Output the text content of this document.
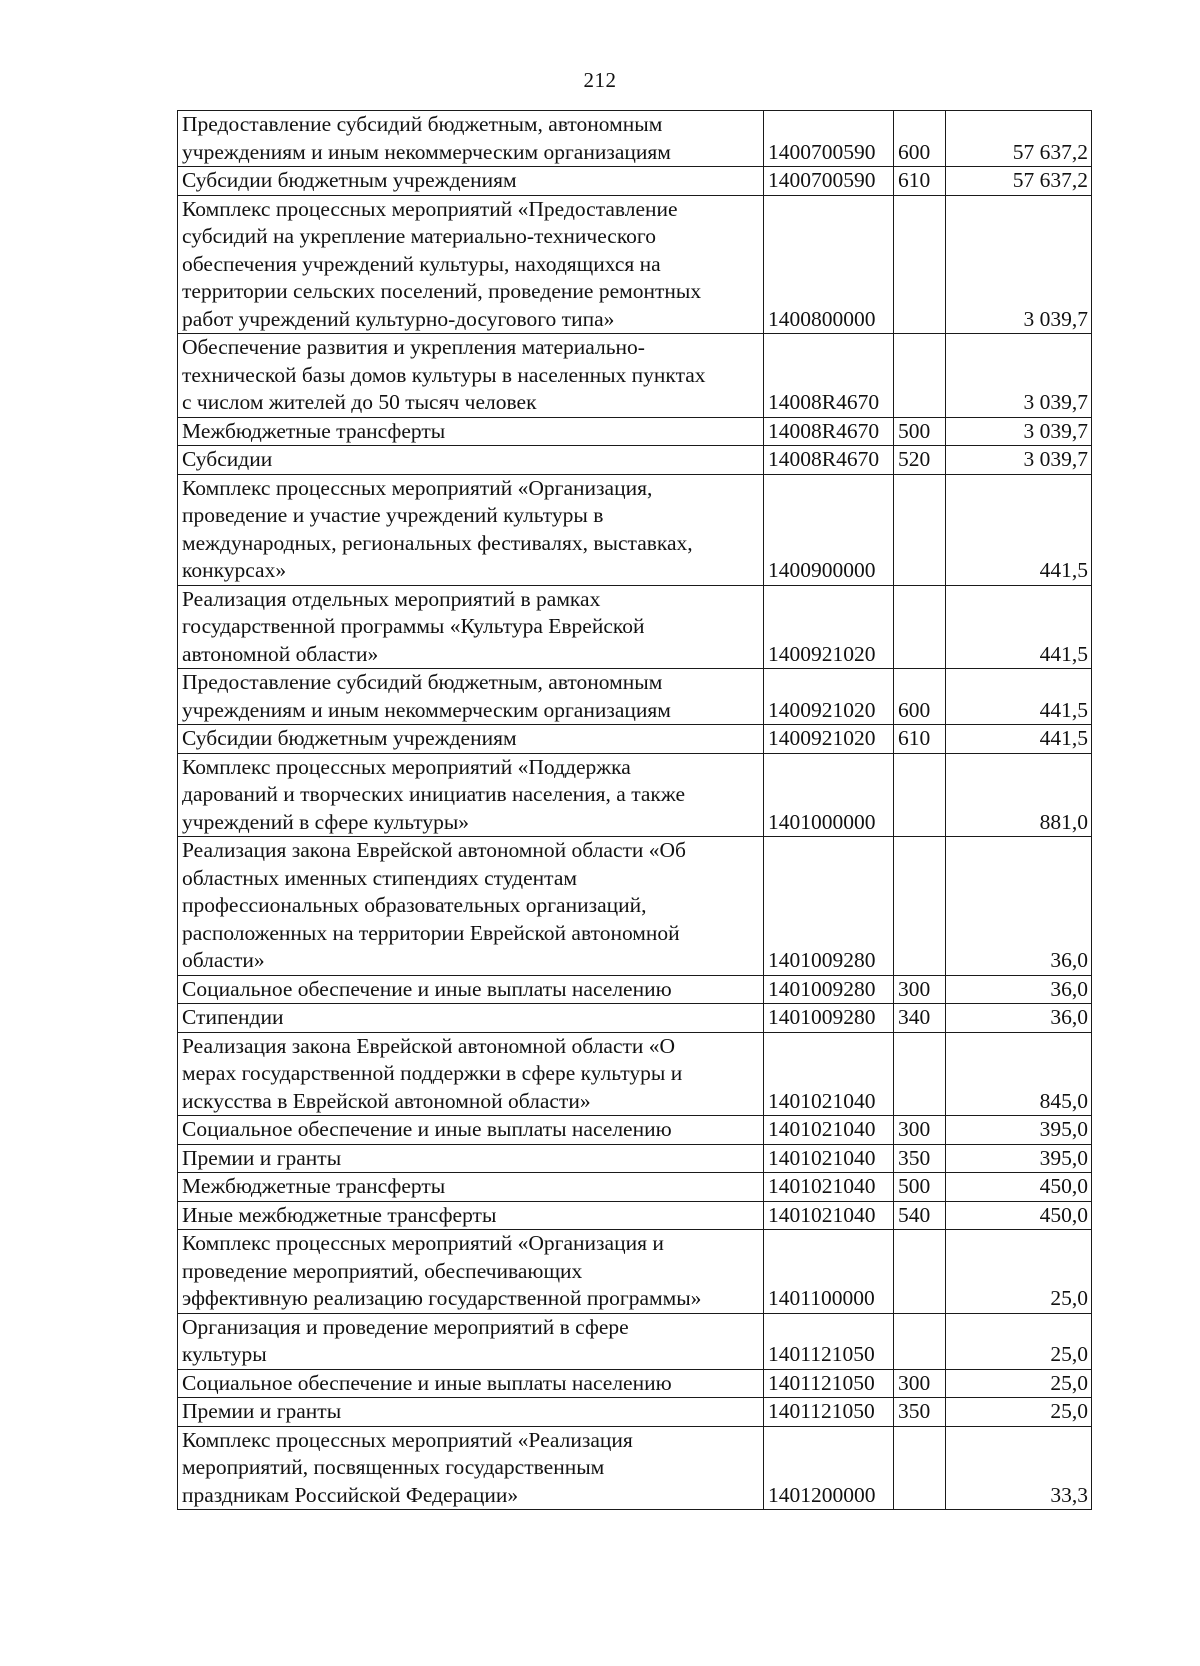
212
Предоставление субсидий бюджетным, автономным
учреждениям и иным некоммерческим организациям	1400700590	600	57 637,2
Субсидии бюджетным учреждениям	1400700590	610	57 637,2
Комплекс процессных мероприятий «Предоставление
субсидий на укрепление материально-технического
обеспечения учреждений культуры, находящихся на
территории сельских поселений, проведение ремонтных
работ учреждений культурно-досугового типа»	1400800000		3 039,7
Обеспечение развития и укрепления материально-
технической базы домов культуры в населенных пунктах
с числом жителей до 50 тысяч человек	14008R4670		3 039,7
Межбюджетные трансферты	14008R4670	500	3 039,7
Субсидии	14008R4670	520	3 039,7
Комплекс процессных мероприятий «Организация,
проведение и участие учреждений культуры в
международных, региональных фестивалях, выставках,
конкурсах»	1400900000		441,5
Реализация отдельных мероприятий в рамках
государственной программы «Культура Еврейской
автономной области»	1400921020		441,5
Предоставление субсидий бюджетным, автономным
учреждениям и иным некоммерческим организациям	1400921020	600	441,5
Субсидии бюджетным учреждениям	1400921020	610	441,5
Комплекс процессных мероприятий «Поддержка
дарований и творческих инициатив населения, а также
учреждений в сфере культуры»	1401000000		881,0
Реализация закона Еврейской автономной области «Об
областных именных стипендиях студентам
профессиональных образовательных организаций,
расположенных на территории Еврейской автономной
области»	1401009280		36,0
Социальное обеспечение и иные выплаты населению	1401009280	300	36,0
Стипендии	1401009280	340	36,0
Реализация закона Еврейской автономной области «О
мерах государственной поддержки в сфере культуры и
искусства в Еврейской автономной области»	1401021040		845,0
Социальное обеспечение и иные выплаты населению	1401021040	300	395,0
Премии и гранты	1401021040	350	395,0
Межбюджетные трансферты	1401021040	500	450,0
Иные межбюджетные трансферты	1401021040	540	450,0
Комплекс процессных мероприятий «Организация и
проведение мероприятий, обеспечивающих
эффективную реализацию государственной программы»	1401100000		25,0
Организация и проведение мероприятий в сфере
культуры	1401121050		25,0
Социальное обеспечение и иные выплаты населению	1401121050	300	25,0
Премии и гранты	1401121050	350	25,0
Комплекс процессных мероприятий «Реализация
мероприятий, посвященных государственным
праздникам Российской Федерации»	1401200000		33,3
